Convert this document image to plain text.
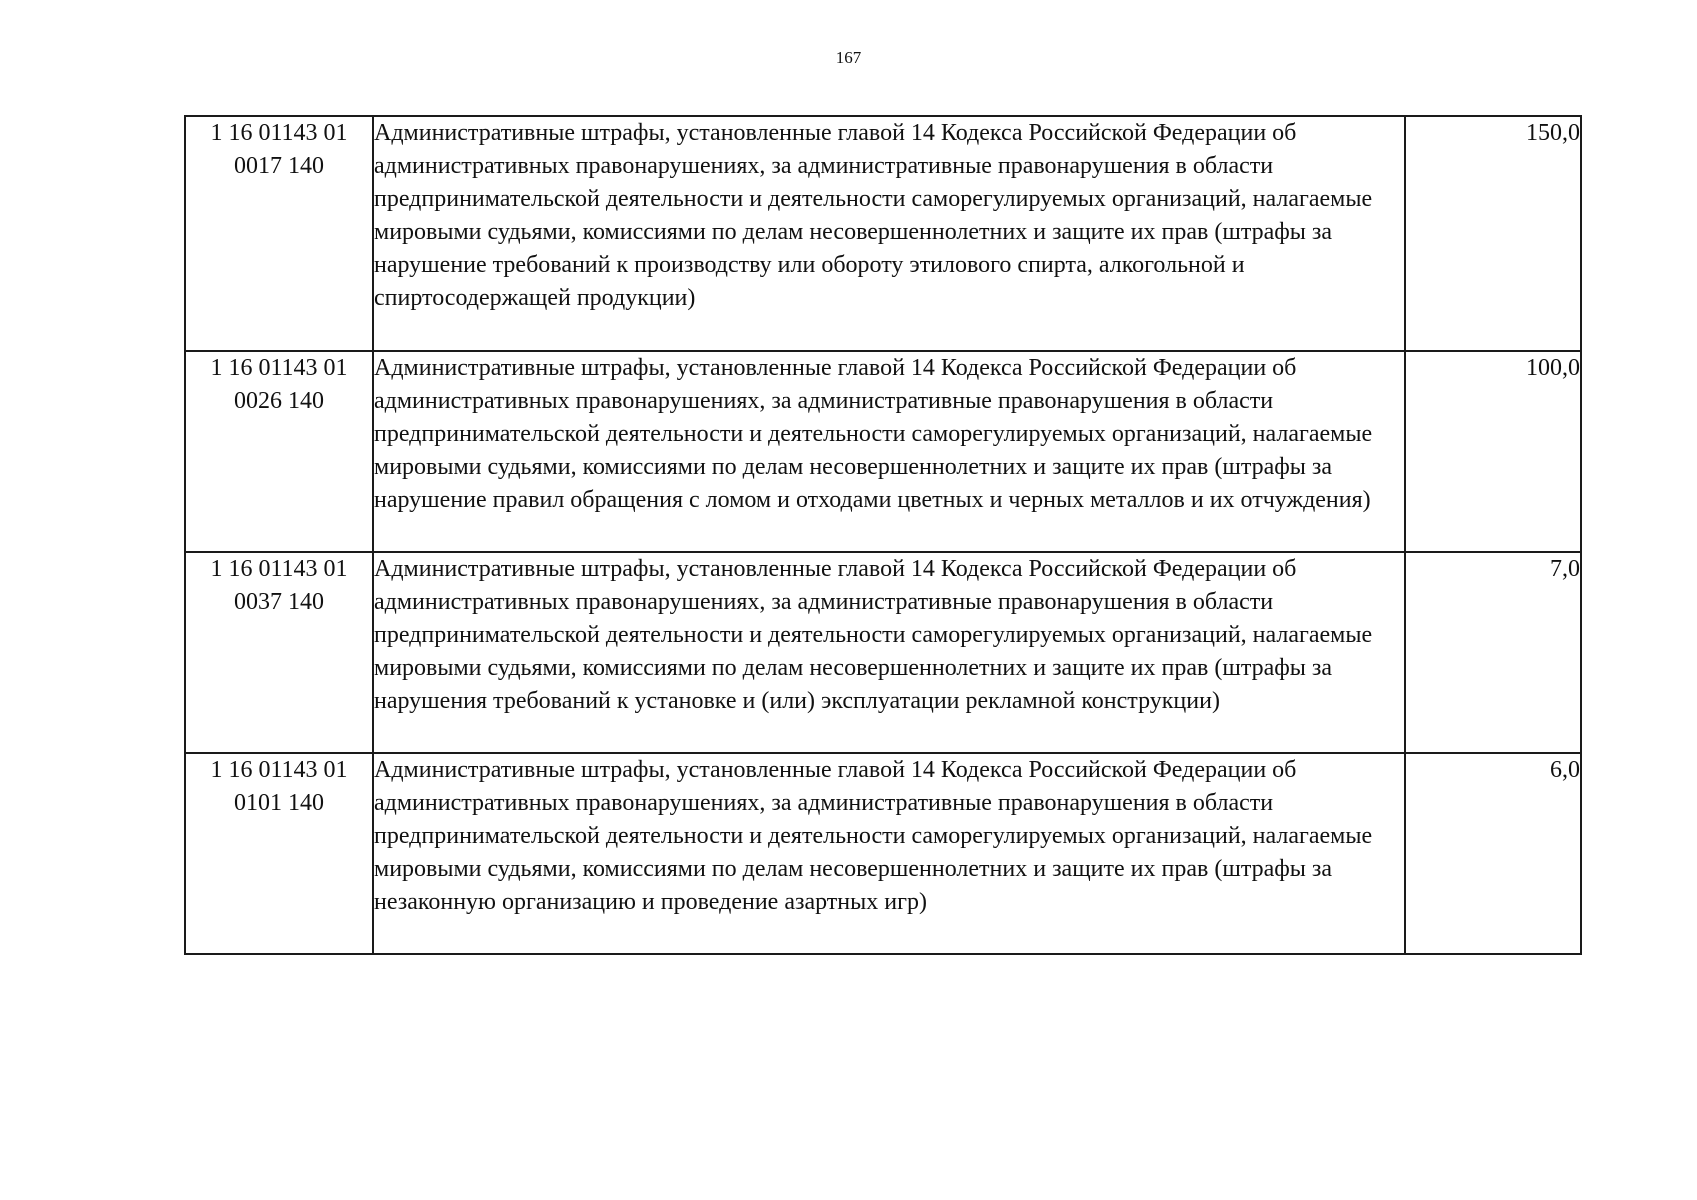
167
1 16 01143 01
0017 140	Административные штрафы, установленные главой 14 Кодекса Российской Федерации об административных правонарушениях, за административные правонарушения в области предпринимательской деятельности и деятельности саморегулируемых организаций, налагаемые мировыми судьями, комиссиями по делам несовершеннолетних и защите их прав (штрафы за нарушение требований к производству или обороту этилового спирта, алкогольной и спиртосодержащей продукции)	150,0

1 16 01143 01
0026 140	Административные штрафы, установленные главой 14 Кодекса Российской Федерации об административных правонарушениях, за административные правонарушения в области предпринимательской деятельности и деятельности саморегулируемых организаций, налагаемые мировыми судьями, комиссиями по делам несовершеннолетних и защите их прав (штрафы за нарушение правил обращения с ломом и отходами цветных и черных металлов и их отчуждения)	100,0

1 16 01143 01
0037 140	Административные штрафы, установленные главой 14 Кодекса Российской Федерации об административных правонарушениях, за административные правонарушения в области предпринимательской деятельности и деятельности саморегулируемых организаций, налагаемые мировыми судьями, комиссиями по делам несовершеннолетних и защите их прав (штрафы за нарушения требований к установке и (или) эксплуатации рекламной конструкции)	7,0

1 16 01143 01
0101 140	Административные штрафы, установленные главой 14 Кодекса Российской Федерации об административных правонарушениях, за административные правонарушения в области предпринимательской деятельности и деятельности саморегулируемых организаций, налагаемые мировыми судьями, комиссиями по делам несовершеннолетних и защите их прав (штрафы за незаконную организацию и проведение азартных игр)	6,0
